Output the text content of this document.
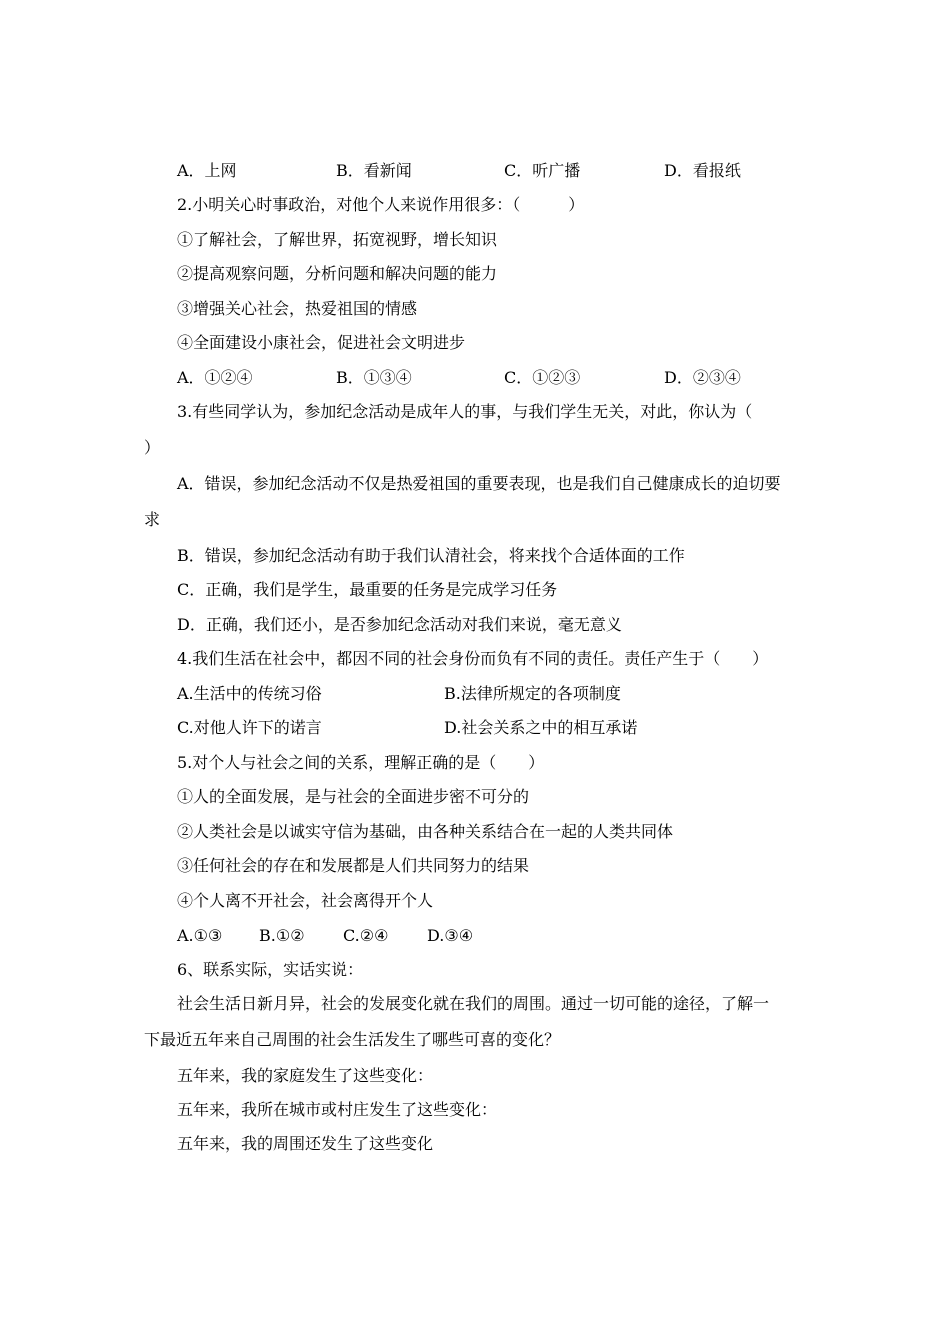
A．上网	B．看新闻	C．听广播	D．看报纸
2.小明关心时事政治，对他个人来说作用很多：（　　　）
①了解社会，了解世界，拓宽视野，增长知识
②提高观察问题，分析问题和解决问题的能力
③增强关心社会，热爱祖国的情感
④全面建设小康社会，促进社会文明进步
A．①②④	B．①③④	C．①②③	D．②③④
3.有些同学认为，参加纪念活动是成年人的事，与我们学生无关，对此，你认为（
）
A．错误，参加纪念活动不仅是热爱祖国的重要表现，也是我们自己健康成长的迫切要
求
B．错误，参加纪念活动有助于我们认清社会，将来找个合适体面的工作
C．正确，我们是学生，最重要的任务是完成学习任务
D．正确，我们还小，是否参加纪念活动对我们来说，毫无意义
4.我们生活在社会中，都因不同的社会身份而负有不同的责任。责任产生于（　　）
A.生活中的传统习俗	B.法律所规定的各项制度
C.对他人许下的诺言	D.社会关系之中的相互承诺
5.对个人与社会之间的关系，理解正确的是（　　）
①人的全面发展，是与社会的全面进步密不可分的
②人类社会是以诚实守信为基础，由各种关系结合在一起的人类共同体
③任何社会的存在和发展都是人们共同努力的结果
④个人离不开社会，社会离得开个人
A.①③ B.①② C.②④ D.③④
6、联系实际，实话实说：
社会生活日新月异，社会的发展变化就在我们的周围。通过一切可能的途径，了解一
下最近五年来自己周围的社会生活发生了哪些可喜的变化？
五年来，我的家庭发生了这些变化：
五年来，我所在城市或村庄发生了这些变化：
五年来，我的周围还发生了这些变化
